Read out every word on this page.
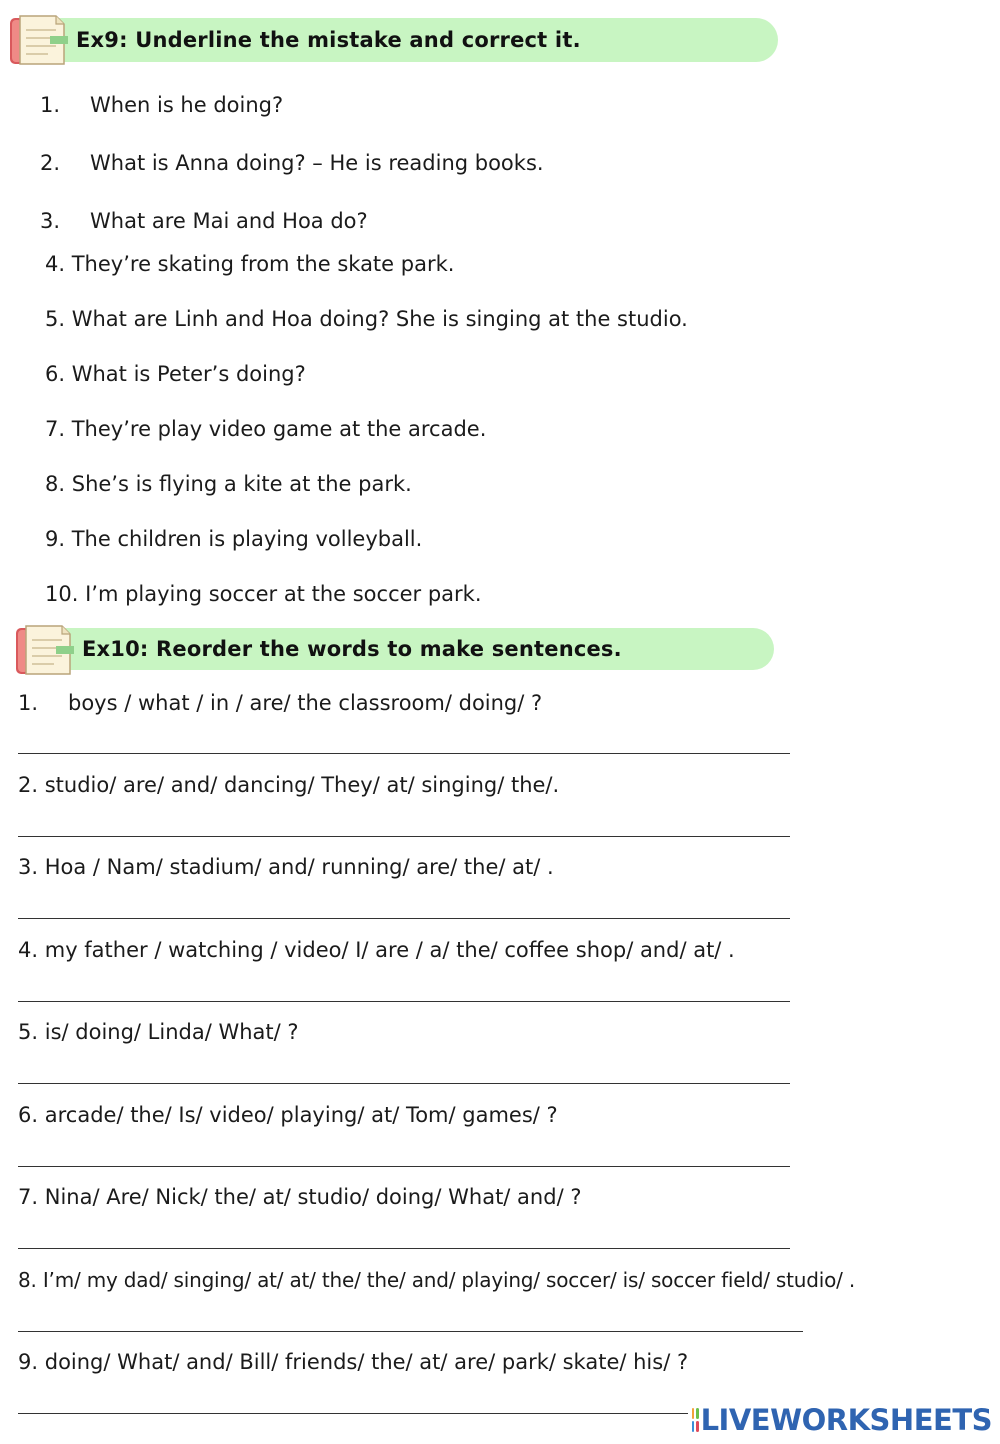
Ex9: Underline the mistake and correct it.
1. When is he doing?
2. What is Anna doing? – He is reading books.
3. What are Mai and Hoa do?
4. They’re skating from the skate park.
5. What are Linh and Hoa doing? She is singing at the studio.
6. What is Peter’s doing?
7. They’re play video game at the arcade.
8. She’s is flying a kite at the park.
9. The children is playing volleyball.
10. I’m playing soccer at the soccer park.
Ex10: Reorder the words to make sentences.
1. boys / what / in / are/ the classroom/ doing/ ?
2. studio/ are/ and/ dancing/ They/ at/ singing/ the/.
3. Hoa / Nam/ stadium/ and/ running/ are/ the/ at/ .
4. my father / watching / video/ I/ are / a/ the/ coffee shop/ and/ at/ .
5. is/ doing/ Linda/ What/ ?
6. arcade/ the/ Is/ video/ playing/ at/ Tom/ games/ ?
7. Nina/ Are/ Nick/ the/ at/ studio/ doing/ What/ and/ ?
8. I’m/ my dad/ singing/ at/ at/ the/ the/ and/ playing/ soccer/ is/ soccer field/ studio/ .
9. doing/ What/ and/ Bill/ friends/ the/ at/ are/ park/ skate/ his/ ?
LIVEWORKSHEETS
